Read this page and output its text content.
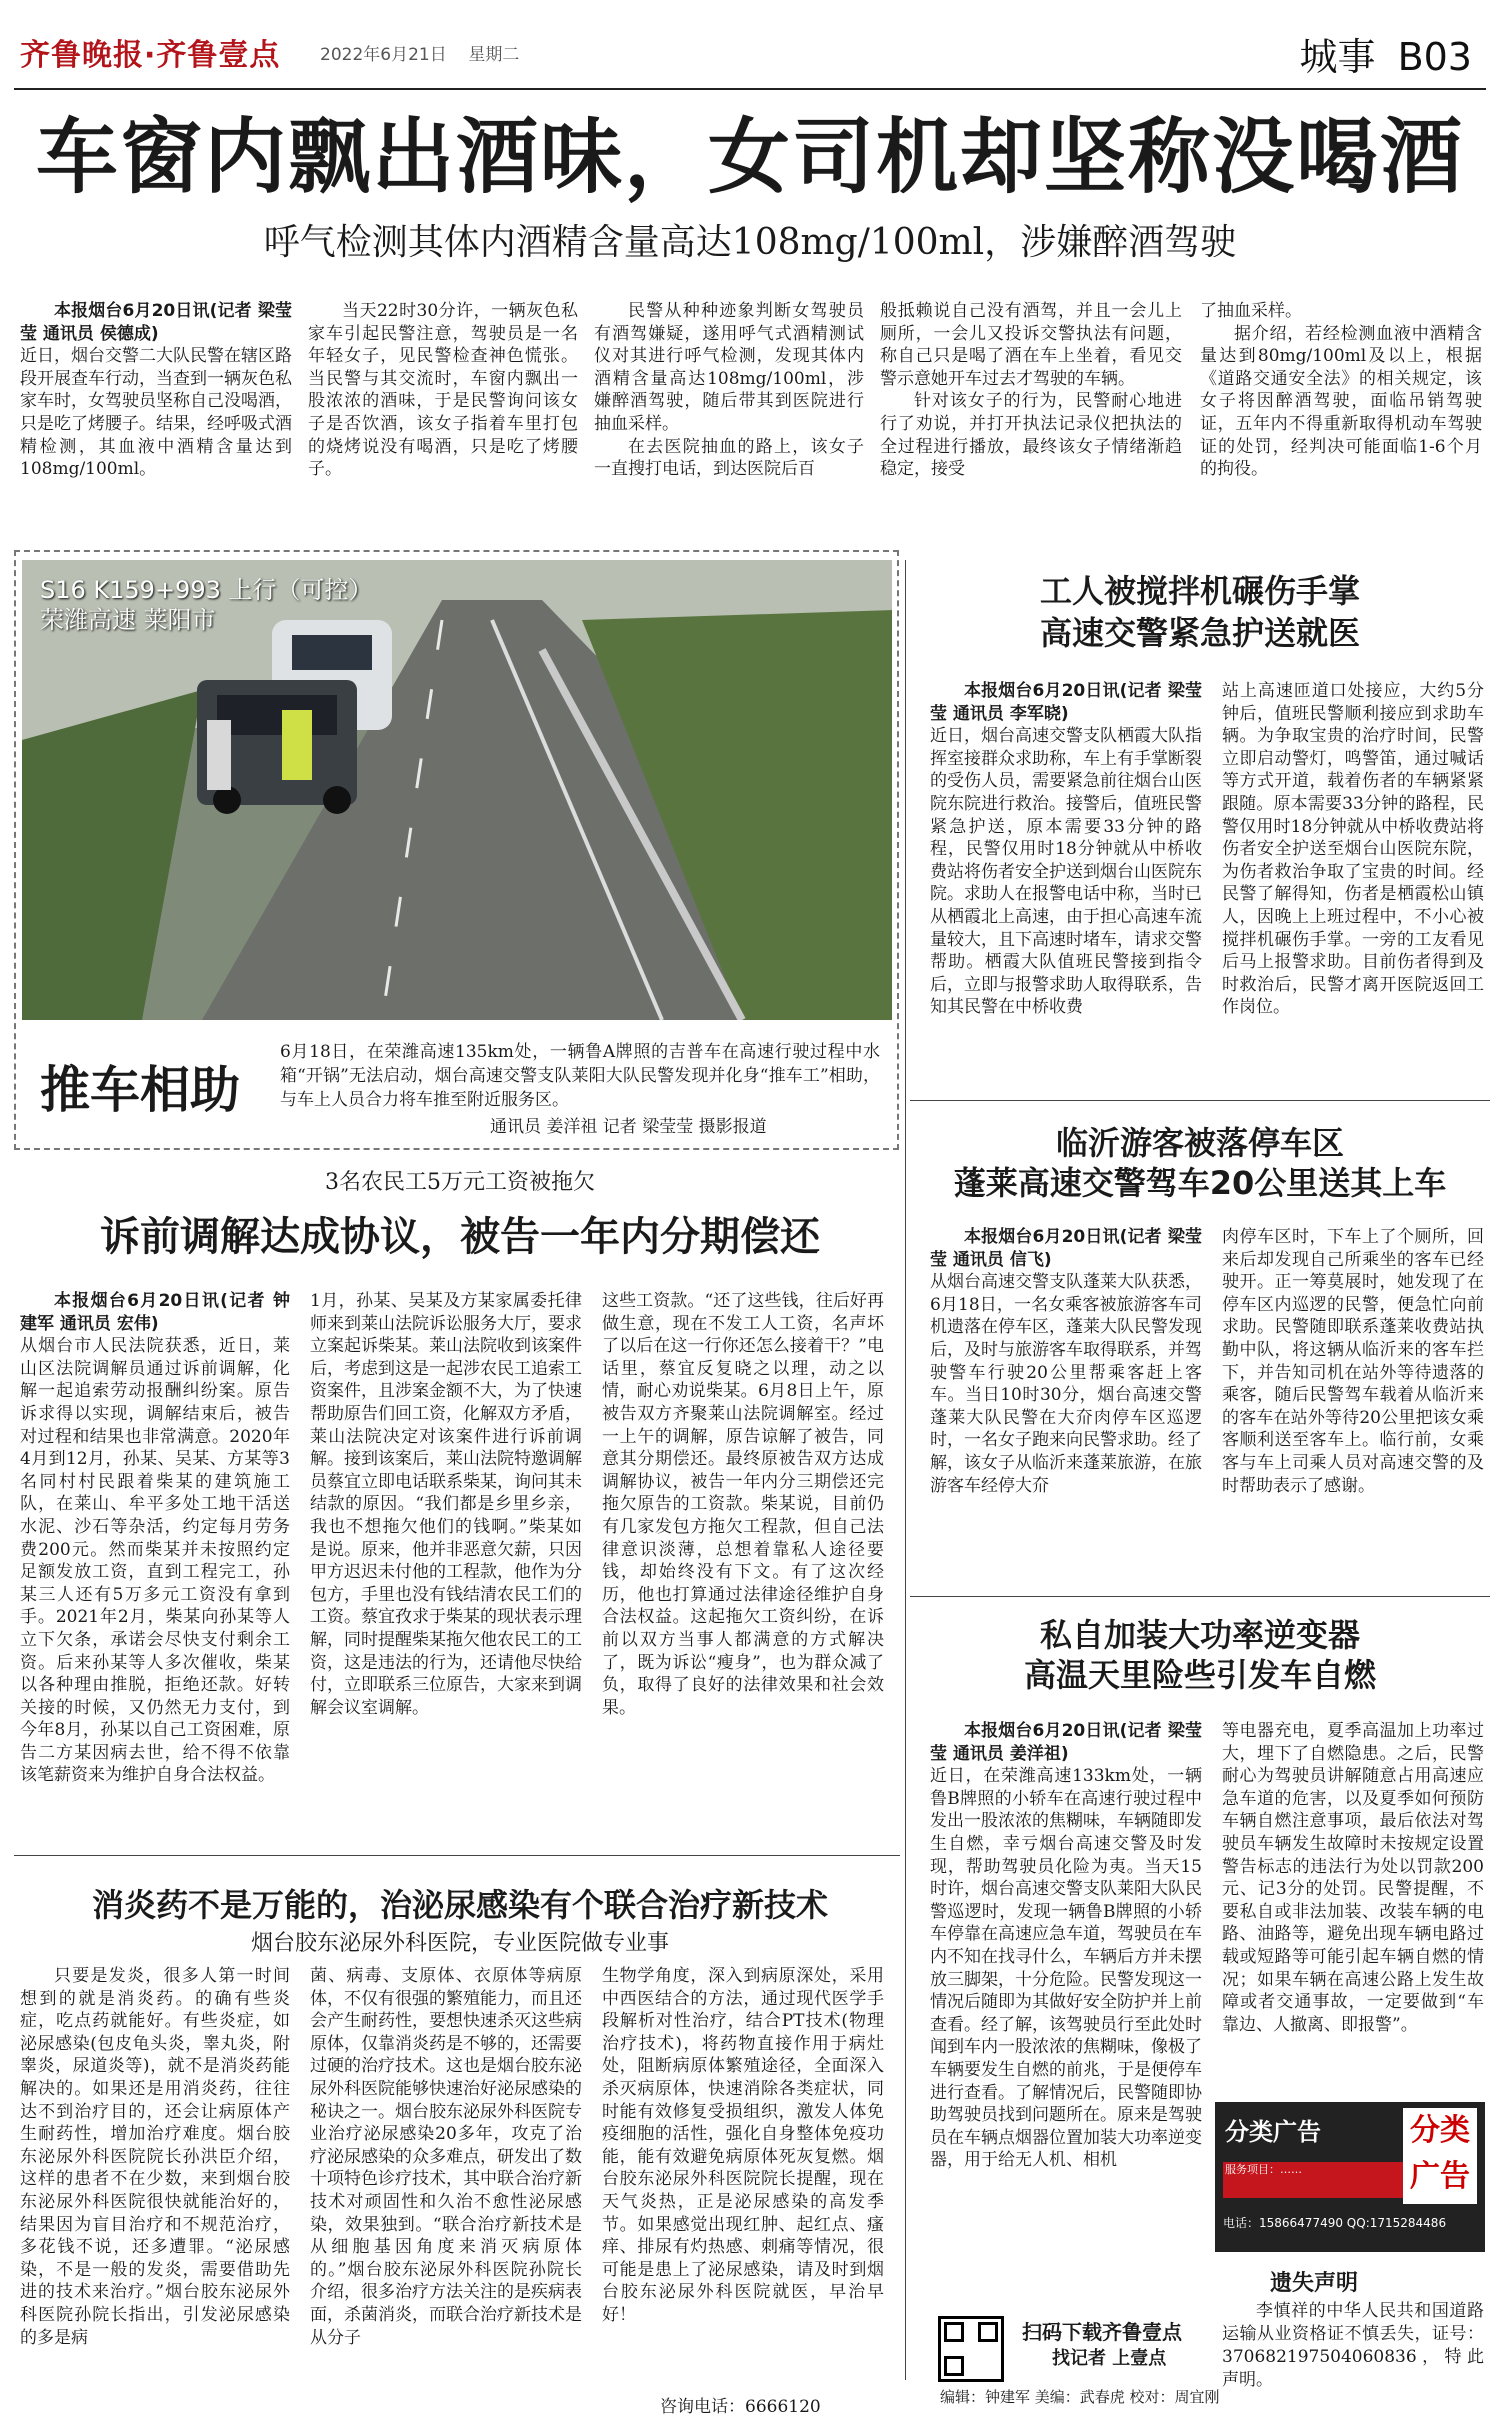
齐鲁晚报·齐鲁壹点 2022年6月21日 星期二	城事 B03
车窗内飘出酒味，女司机却坚称没喝酒
呼气检测其体内酒精含量高达108mg/100ml，涉嫌醉酒驾驶

本报烟台6月20日讯(记者 梁莹莹 通讯员 侯德成)

近日，烟台交警二大队民警在辖区路段开展查车行动，当查到一辆灰色私家车时，女驾驶员坚称自己没喝酒，只是吃了烤腰子。结果，经呼吸式酒精检测，其血液中酒精含量达到108mg/100ml。

当天22时30分许，一辆灰色私家车引起民警注意，驾驶员是一名年轻女子，见民警检查神色慌张。当民警与其交流时，车窗内飘出一股浓浓的酒味，于是民警询问该女子是否饮酒，该女子指着车里打包的烧烤说没有喝酒，只是吃了烤腰子。

民警从种种迹象判断女驾驶员有酒驾嫌疑，遂用呼气式酒精测试仪对其进行呼气检测，发现其体内酒精含量高达108mg/100ml，涉嫌醉酒驾驶，随后带其到医院进行抽血采样。

在去医院抽血的路上，该女子一直搜打电话，到达医院后百

般抵赖说自己没有酒驾，并且一会儿上厕所，一会儿又投诉交警执法有问题，称自己只是喝了酒在车上坐着，看见交警示意她开车过去才驾驶的车辆。

针对该女子的行为，民警耐心地进行了劝说，并打开执法记录仪把执法的全过程进行播放，最终该女子情绪渐趋稳定，接受

了抽血采样。

据介绍，若经检测血液中酒精含量达到80mg/100ml及以上，根据《道路交通安全法》的相关规定，该女子将因醉酒驾驶，面临吊销驾驶证，五年内不得重新取得机动车驾驶证的处罚，经判决可能面临1-6个月的拘役。

S16 K159+993 上行（可控）
荣潍高速 莱阳市
推车相助
6月18日，在荣潍高速135km处，一辆鲁A牌照的吉普车在高速行驶过程中水箱“开锅”无法启动，烟台高速交警支队莱阳大队民警发现并化身“推车工”相助，与车上人员合力将车推至附近服务区。
通讯员 姜洋祖 记者 梁莹莹 摄影报道
工人被搅拌机碾伤手掌
高速交警紧急护送就医

本报烟台6月20日讯(记者 梁莹莹 通讯员 李军晓)

近日，烟台高速交警支队栖霞大队指挥室接群众求助称，车上有手掌断裂的受伤人员，需要紧急前往烟台山医院东院进行救治。接警后，值班民警紧急护送，原本需要33分钟的路程，民警仅用时18分钟就从中桥收费站将伤者安全护送到烟台山医院东院。求助人在报警电话中称，当时已从栖霞北上高速，由于担心高速车流量较大，且下高速时堵车，请求交警帮助。栖霞大队值班民警接到指令后，立即与报警求助人取得联系，告知其民警在中桥收费

站上高速匝道口处接应，大约5分钟后，值班民警顺利接应到求助车辆。为争取宝贵的治疗时间，民警立即启动警灯，鸣警笛，通过喊话等方式开道，载着伤者的车辆紧紧跟随。原本需要33分钟的路程，民警仅用时18分钟就从中桥收费站将伤者安全护送至烟台山医院东院，为伤者救治争取了宝贵的时间。经民警了解得知，伤者是栖霞松山镇人，因晚上上班过程中，不小心被搅拌机碾伤手掌。一旁的工友看见后马上报警求助。目前伤者得到及时救治后，民警才离开医院返回工作岗位。

临沂游客被落停车区
蓬莱高速交警驾车20公里送其上车

本报烟台6月20日讯(记者 梁莹莹 通讯员 信飞)

从烟台高速交警支队蓬莱大队获悉，6月18日，一名女乘客被旅游客车司机遗落在停车区，蓬莱大队民警发现后，及时与旅游客车取得联系，并驾驶警车行驶20公里帮乘客赶上客车。当日10时30分，烟台高速交警蓬莱大队民警在大夼肉停车区巡逻时，一名女子跑来向民警求助。经了解，该女子从临沂来蓬莱旅游，在旅游客车经停大夼

肉停车区时，下车上了个厕所，回来后却发现自己所乘坐的客车已经驶开。正一筹莫展时，她发现了在停车区内巡逻的民警，便急忙向前求助。民警随即联系蓬莱收费站执勤中队，将这辆从临沂来的客车拦下，并告知司机在站外等待遗落的乘客，随后民警驾车载着从临沂来的客车在站外等待20公里把该女乘客顺利送至客车上。临行前，女乘客与车上司乘人员对高速交警的及时帮助表示了感谢。

私自加装大功率逆变器
高温天里险些引发车自燃

本报烟台6月20日讯(记者 梁莹莹 通讯员 姜洋祖)

近日，在荣潍高速133km处，一辆鲁B牌照的小轿车在高速行驶过程中发出一股浓浓的焦糊味，车辆随即发生自燃，幸亏烟台高速交警及时发现，帮助驾驶员化险为夷。当天15时许，烟台高速交警支队莱阳大队民警巡逻时，发现一辆鲁B牌照的小轿车停靠在高速应急车道，驾驶员在车内不知在找寻什么，车辆后方并未摆放三脚架，十分危险。民警发现这一情况后随即为其做好安全防护并上前查看。经了解，该驾驶员行至此处时闻到车内一股浓浓的焦糊味，像极了车辆要发生自燃的前兆，于是便停车进行查看。了解情况后，民警随即协助驾驶员找到问题所在。原来是驾驶员在车辆点烟器位置加装大功率逆变器，用于给无人机、相机

等电器充电，夏季高温加上功率过大，埋下了自燃隐患。之后，民警耐心为驾驶员讲解随意占用高速应急车道的危害，以及夏季如何预防车辆自燃注意事项，最后依法对驾驶员车辆发生故障时未按规定设置警告标志的违法行为处以罚款200元、记3分的处罚。民警提醒，不要私自或非法加装、改装车辆的电路、油路等，避免出现车辆电路过载或短路等可能引起车辆自燃的情况；如果车辆在高速公路上发生故障或者交通事故，一定要做到“车靠边、人撤离、即报警”。

3名农民工5万元工资被拖欠
诉前调解达成协议，被告一年内分期偿还

本报烟台6月20日讯(记者 钟建军 通讯员 宏伟)

从烟台市人民法院获悉，近日，莱山区法院调解员通过诉前调解，化解一起追索劳动报酬纠纷案。原告诉求得以实现，调解结束后，被告对过程和结果也非常满意。2020年4月到12月，孙某、吴某、方某等3名同村村民跟着柴某的建筑施工队，在莱山、牟平多处工地干活送水泥、沙石等杂活，约定每月劳务费200元。然而柴某并未按照约定足额发放工资，直到工程完工，孙某三人还有5万多元工资没有拿到手。2021年2月，柴某向孙某等人立下欠条，承诺会尽快支付剩余工资。后来孙某等人多次催收，柴某以各种理由推脱，拒绝还款。好转关接的时候，又仍然无力支付，到今年8月，孙某以自己工资困难，原告二方某因病去世，给不得不依靠该笔薪资来为维护自身合法权益。

1月，孙某、吴某及方某家属委托律师来到莱山法院诉讼服务大厅，要求立案起诉柴某。莱山法院收到该案件后，考虑到这是一起涉农民工追索工资案件，且涉案金额不大，为了快速帮助原告们回工资，化解双方矛盾，莱山法院决定对该案件进行诉前调解。接到该案后，莱山法院特邀调解员蔡宜立即电话联系柴某，询问其未结款的原因。“我们都是乡里乡亲，我也不想拖欠他们的钱啊。”柴某如是说。原来，他并非恶意欠薪，只因甲方迟迟未付他的工程款，他作为分包方，手里也没有钱结清农民工们的工资。蔡宜孜求于柴某的现状表示理解，同时提醒柴某拖欠他农民工的工资，这是违法的行为，还请他尽快给付，立即联系三位原告，大家来到调解会议室调解。

这些工资款。“还了这些钱，往后好再做生意，现在不发工人工资，名声坏了以后在这一行你还怎么接着干？”电话里，蔡宜反复晓之以理，动之以情，耐心劝说柴某。6月8日上午，原被告双方齐聚莱山法院调解室。经过一上午的调解，原告谅解了被告，同意其分期偿还。最终原被告双方达成调解协议，被告一年内分三期偿还完拖欠原告的工资款。柴某说，目前仍有几家发包方拖欠工程款，但自己法律意识淡薄，总想着靠私人途径要钱，却始终没有下文。有了这次经历，他也打算通过法律途径维护自身合法权益。这起拖欠工资纠纷，在诉前以双方当事人都满意的方式解决了，既为诉讼“瘦身”，也为群众减了负，取得了良好的法律效果和社会效果。

消炎药不是万能的，治泌尿感染有个联合治疗新技术
烟台胶东泌尿外科医院，专业医院做专业事

只要是发炎，很多人第一时间想到的就是消炎药。的确有些炎症，吃点药就能好。有些炎症，如泌尿感染(包皮龟头炎，睾丸炎，附睾炎，尿道炎等)，就不是消炎药能解决的。如果还是用消炎药，往往达不到治疗目的，还会让病原体产生耐药性，增加治疗难度。烟台胶东泌尿外科医院院长孙洪臣介绍，这样的患者不在少数，来到烟台胶东泌尿外科医院很快就能治好的，结果因为盲目治疗和不规范治疗，多花钱不说，还多遭罪。“泌尿感染，不是一般的发炎，需要借助先进的技术来治疗。”烟台胶东泌尿外科医院孙院长指出，引发泌尿感染的多是病

菌、病毒、支原体、衣原体等病原体，不仅有很强的繁殖能力，而且还会产生耐药性，要想快速杀灭这些病原体，仅靠消炎药是不够的，还需要过硬的治疗技术。这也是烟台胶东泌尿外科医院能够快速治好泌尿感染的秘诀之一。烟台胶东泌尿外科医院专业治疗泌尿感染20多年，攻克了治疗泌尿感染的众多难点，研发出了数十项特色诊疗技术，其中联合治疗新技术对顽固性和久治不愈性泌尿感染，效果独到。“联合治疗新技术是从细胞基因角度来消灭病原体的。”烟台胶东泌尿外科医院孙院长介绍，很多治疗方法关注的是疾病表面，杀菌消炎，而联合治疗新技术是从分子

生物学角度，深入到病原深处，采用中西医结合的方法，通过现代医学手段解析对性治疗，结合PT技术(物理治疗技术)，将药物直接作用于病灶处，阻断病原体繁殖途径，全面深入杀灭病原体，快速消除各类症状，同时能有效修复受损组织，激发人体免疫细胞的活性，强化自身整体免疫功能，能有效避免病原体死灰复燃。烟台胶东泌尿外科医院院长提醒，现在天气炎热，正是泌尿感染的高发季节。如果感觉出现红肿、起红点、瘙痒、排尿有灼热感、刺痛等情况，很可能是患上了泌尿感染，请及时到烟台胶东泌尿外科医院就医，早治早好！

咨询电话：6666120
分类广告	分类
广告
服务项目：……
电话：15866477490 QQ:1715284486
遗失声明
李慎祥的中华人民共和国道路运输从业资格证不慎丢失，证号：37068219750406083​6，特此声明。
扫码下载齐鲁壹点
找记者 上壹点
编辑：钟建军 美编：武春虎 校对：周宜刚
